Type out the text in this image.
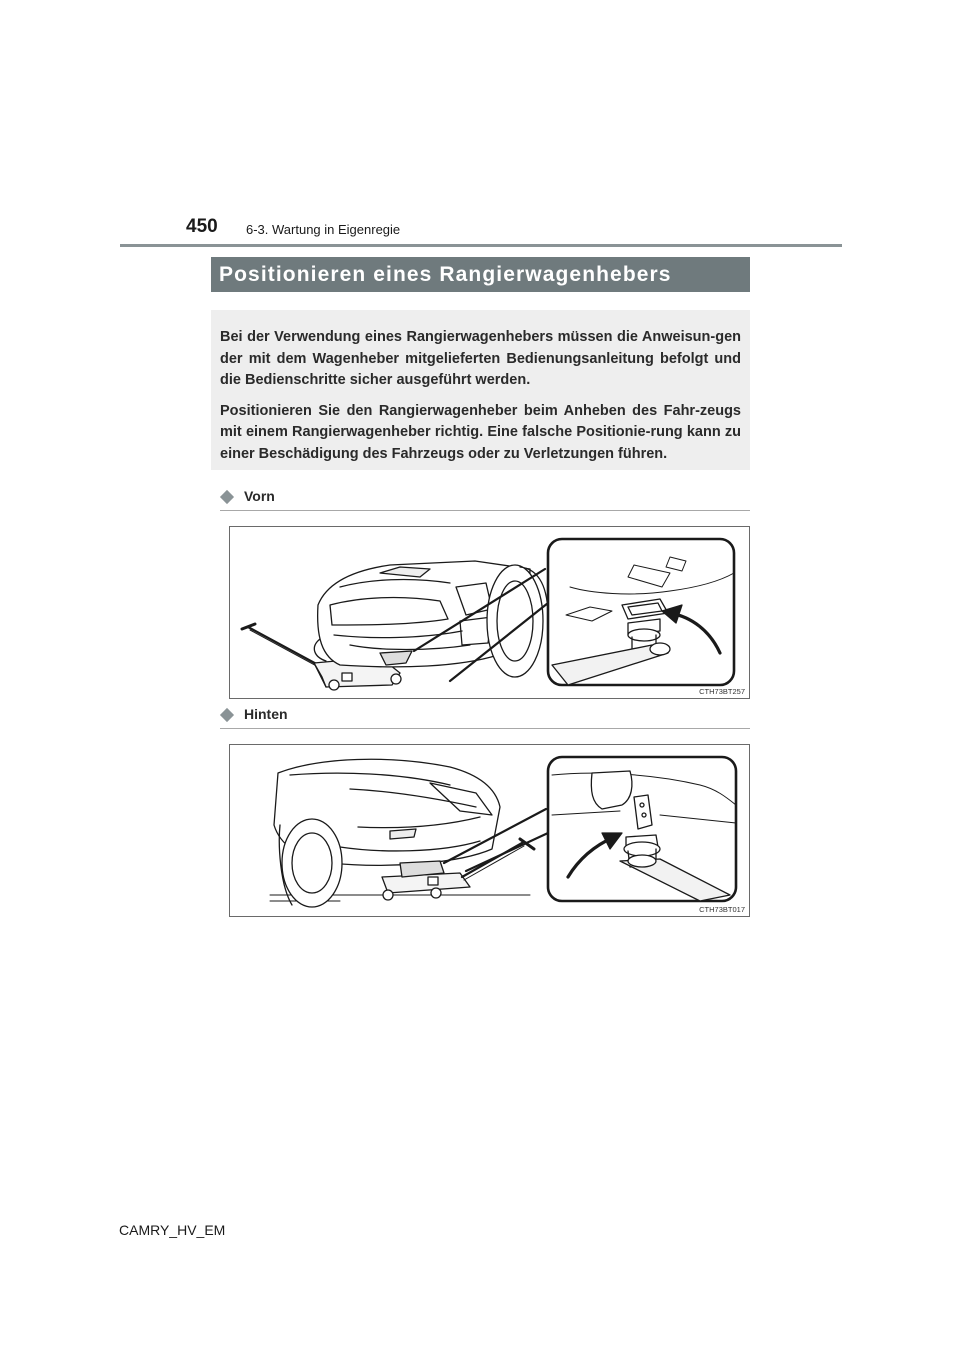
450 6-3. Wartung in Eigenregie
Positionieren eines Rangierwagenhebers

Bei der Verwendung eines Rangierwagenhebers müssen die Anweisun-gen der mit dem Wagenheber mitgelieferten Bedienungsanleitung befolgt und die Bedienschritte sicher ausgeführt werden.

Positionieren Sie den Rangierwagenheber beim Anheben des Fahr-zeugs mit einem Rangierwagenheber richtig. Eine falsche Positionie-rung kann zu einer Beschädigung des Fahrzeugs oder zu Verletzungen führen.

Vorn
CTH73BT257
Hinten
CTH73BT017
CAMRY_HV_EM
